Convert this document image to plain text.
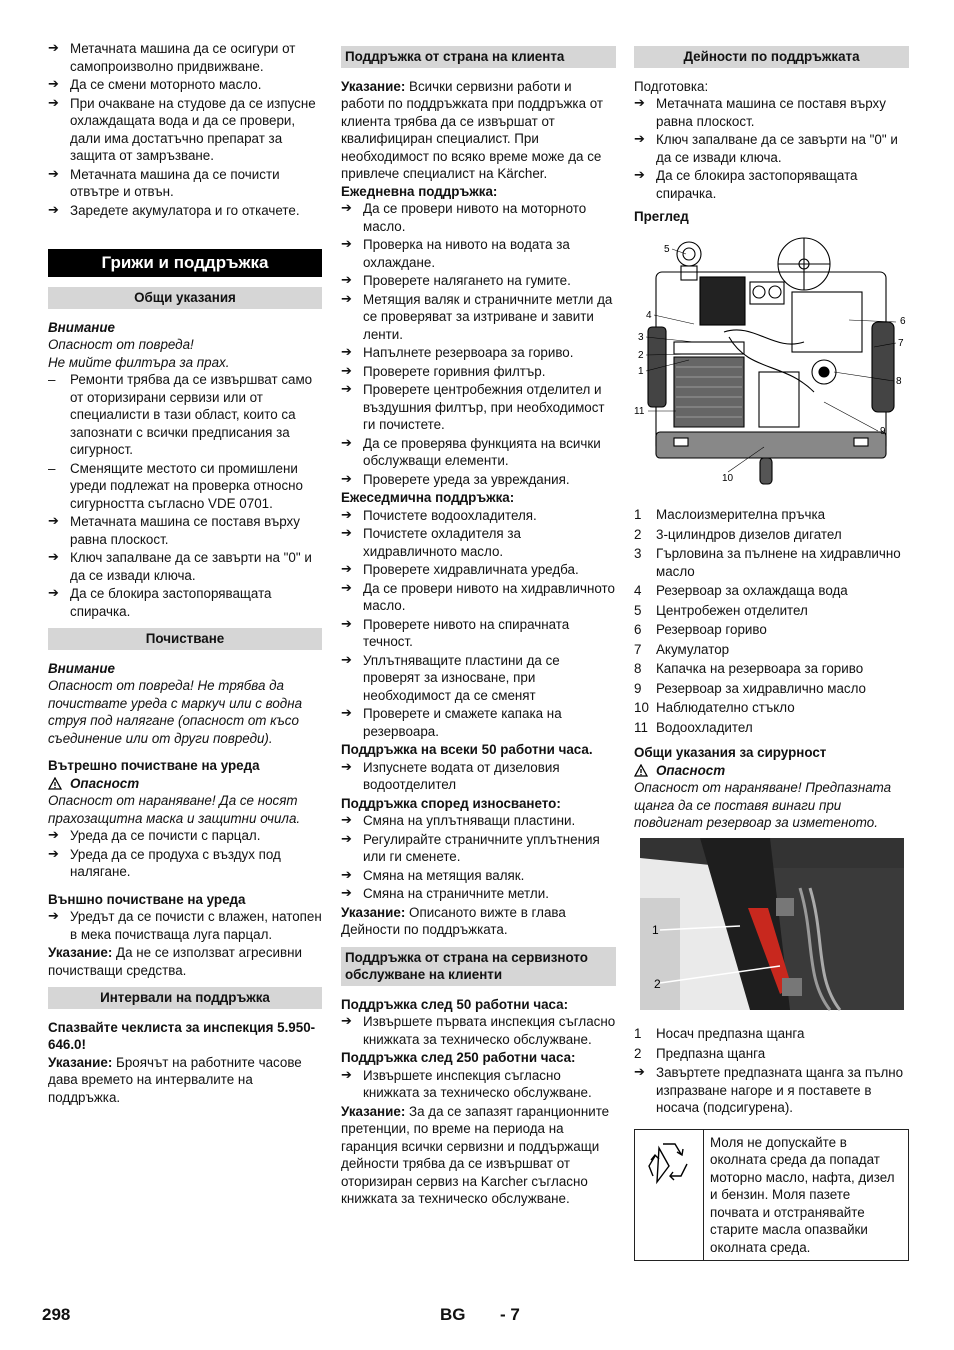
➔ Метачната машина да се осигури от самопроизволно придвижване.
➔ Да се смени моторното масло.
➔ При очакване на студове да се изпусне охлаждащата вода и да се провери, дали има достатъчно препарат за защита от замръзване.
➔ Метачната машина да се почисти отвътре и отвън.
➔ Заредете акумулатора и го откачете.
Грижи и поддръжка
Общи указания
Внимание
Опасност от повреда!
Не мийте филтъра за прах.
– Ремонти трябва да се извършват само от оторизирани сервизи или от специалисти в тази област, които са запознати с всички предписания за сигурност.
– Сменящите местото си промишлени уреди подлежат на проверка относно сигурността съгласно VDE 0701.
➔ Метачната машина се поставя върху равна плоскост.
➔ Ключ запалване да се завърти на "0" и да се извади ключа.
➔ Да се блокира застопоряващата спирачка.
Почистване
Внимание
Опасност от повреда! Не трябва да почиствате уреда с маркуч или с водна струя под налягане (опасност от късо съединение или от други повреди).
Вътрешно почистване на уреда
Опасност
Опасност от нараняване! Да се носят прахозащитна маска и защитни очила.
➔ Уреда да се почисти с парцал.
➔ Уреда да се продуха с въздух под налягане.
Външно почистване на уреда
➔ Уредът да се почисти с влажен, натопен в мека почистваща луга парцал.
Указание: Да не се използват агресивни почистващи средства.
Интервали на поддръжка
Спазвайте чеклиста за инспекция 5.950-646.0!
Указание: Броячът на работните часове дава времето на интервалите на поддръжка.
Поддръжка от страна на клиента
Указание: Всички сервизни работи и работи по поддръжката при поддръжка от клиента трябва да се извършат от квалифициран специалист. При необходимост по всяко време може да се привлече специалист на Kärcher.
Ежедневна поддръжка:
➔ Да се провери нивото на моторното масло.
➔ Проверка на нивото на водата за охлаждане.
➔ Проверете налягането на гумите.
➔ Метящия валяк и страничните метли да се проверяват за изтриване и завити ленти.
➔ Напълнете резервоара за гориво.
➔ Проверете горивния филтър.
➔ Проверете центробежния отделител и въздушния филтър, при необходимост ги почистете.
➔ Да се проверява функцията на всички обслужващи елементи.
➔ Проверете уреда за увреждания.
Ежеседмична поддръжка:
➔ Почистете водоохладителя.
➔ Почистете охладителя за хидравличното масло.
➔ Проверете хидравличната уредба.
➔ Да се провери нивото на хидравличното масло.
➔ Проверете нивото на спирачната течност.
➔ Уплътняващите пластини да се проверят за износване, при необходимост да се сменят
➔ Проверете и смажете капака на резервоара.
Поддръжка на всеки 50 работни часа.
➔ Изпуснете водата от дизеловия водоотделител
Поддръжка според износването:
➔ Смяна на уплътняващи пластини.
➔ Регулирайте страничните уплътнения или ги сменете.
➔ Смяна на метящия валяк.
➔ Смяна на страничните метли.
Указание: Описаното вижте в глава Дейности по поддръжката.
Поддръжка от страна на сервизното обслужване на клиенти
Поддръжка след 50 работни часа:
➔ Извършете първата инспекция съгласно книжката за техническо обслужване.
Поддръжка след 250 работни часа:
➔ Извършете инспекция съгласно книжката за техническо обслужване.
Указание: За да се запазят гаранционните претенции, по време на периода на гаранция всички сервизни и поддържащи дейности трябва да се извършват от оторизиран сервиз на Karcher съгласно книжката за техническо обслужване.
Дейности по поддръжката
Подготовка:
➔ Метачната машина се поставя върху равна плоскост.
➔ Ключ запалване да се завърти на "0" и да се извади ключа.
➔ Да се блокира застопоряващата спирачка.
Преглед
5
4
3
2
1
6
7
8
9
10
11
1 Маслоизмерителна пръчка
2 3-цилиндров дизелов дигател
3 Гърловина за пълнене на хидравлично масло
4 Резервоар за охлаждаща вода
5 Центробежен отделител
6 Резервоар гориво
7 Акумулатор
8 Капачка на резервоара за гориво
9 Резервоар за хидравлично масло
10 Наблюдателно стъкло
11 Водоохладител
Общи указания за сирурност
Опасност
Опасност от нараняване! Предпазната щанга да се поставя винаги при повдигнат резервоар за изметеното.
1
2
1 Носач предпазна щанга
2 Предпазна щанга
➔ Завъртете предпазната щанга за пълно изпразване нагоре и я поставете в носача (подсигурена).
Моля не допускайте в околната среда да попадат моторно масло, нафта, дизел и бензин. Моля пазете почвата и отстранявайте старите масла опазвайки околната среда.
298	BG - 7
